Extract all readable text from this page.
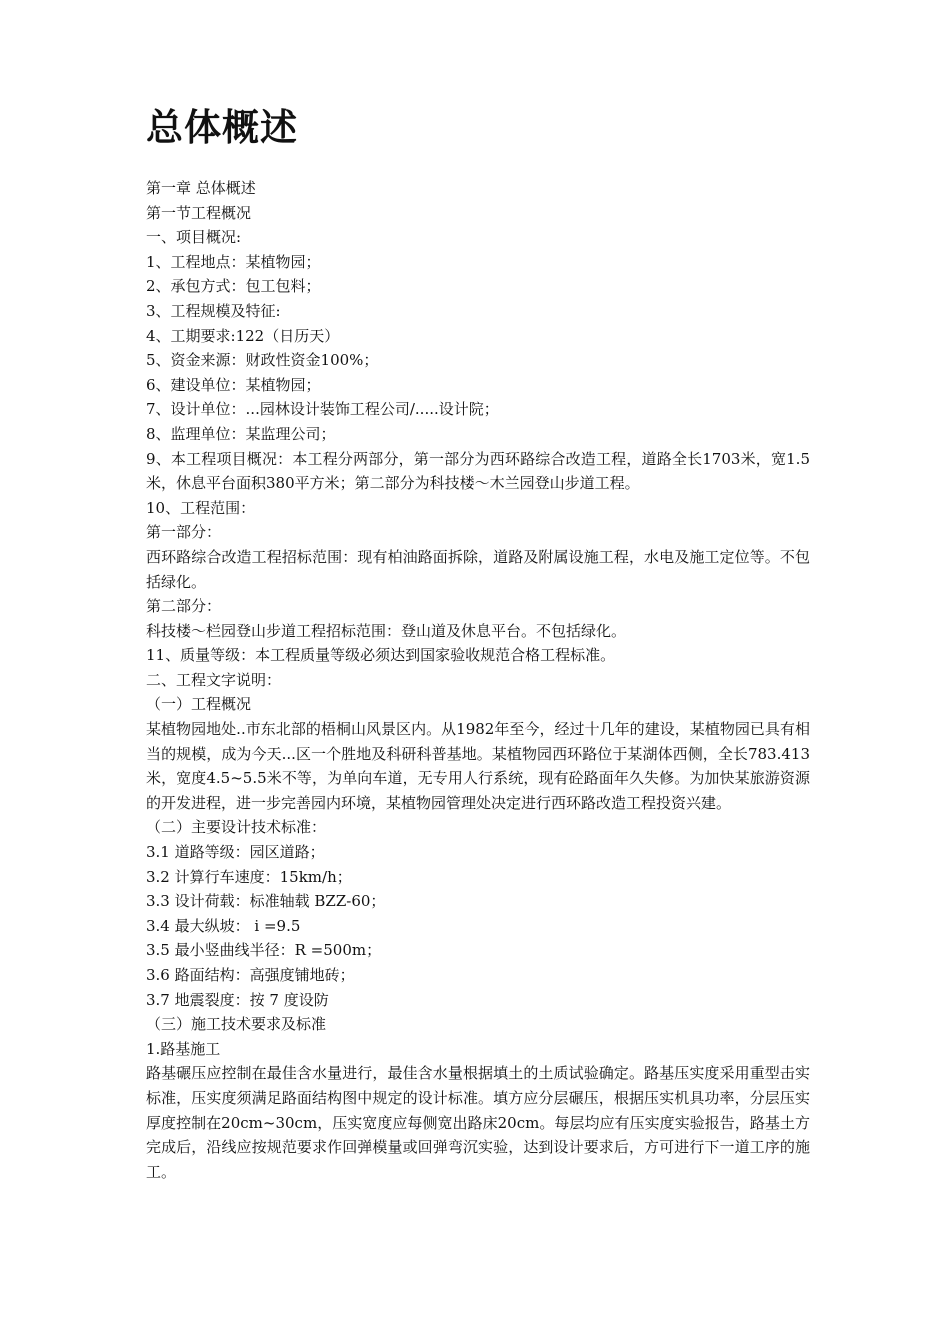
总体概述

第一章 总体概述

第一节工程概况

一、项目概况:

1、工程地点：某植物园；

2、承包方式：包工包料；

3、工程规模及特征:

4、工期要求:122（日历天）

5、资金来源：财政性资金100%；

6、建设单位：某植物园；

7、设计单位：...园林设计装饰工程公司/.....设计院；

8、监理单位：某监理公司；

9、本工程项目概况：本工程分两部分，第一部分为西环路综合改造工程，道路全长1703米，宽1.5米，休息平台面积380平方米；第二部分为科技楼～木兰园登山步道工程。

10、工程范围：

第一部分：

西环路综合改造工程招标范围：现有柏油路面拆除，道路及附属设施工程，水电及施工定位等。不包括绿化。

第二部分：

科技楼～栏园登山步道工程招标范围：登山道及休息平台。不包括绿化。

11、质量等级：本工程质量等级必须达到国家验收规范合格工程标准。

二、工程文字说明：

（一）工程概况

某植物园地处..市东北部的梧桐山风景区内。从1982年至今，经过十几年的建设，某植物园已具有相当的规模，成为今天...区一个胜地及科研科普基地。某植物园西环路位于某湖体西侧，全长783.413米，宽度4.5~5.5米不等，为单向车道，无专用人行系统，现有砼路面年久失修。为加快某旅游资源的开发进程，进一步完善园内环境，某植物园管理处决定进行西环路改造工程投资兴建。

（二）主要设计技术标准：

3.1 道路等级：园区道路；

3.2 计算行车速度：15km/h；

3.3 设计荷载：标准轴载 BZZ-60；

3.4 最大纵坡： i =9.5

3.5 最小竖曲线半径：R =500m；

3.6 路面结构：高强度铺地砖；

3.7 地震裂度：按 7 度设防

（三）施工技术要求及标准

1.路基施工

路基碾压应控制在最佳含水量进行，最佳含水量根据填土的土质试验确定。路基压实度采用重型击实标准，压实度须满足路面结构图中规定的设计标准。填方应分层碾压，根据压实机具功率，分层压实厚度控制在20cm~30cm，压实宽度应每侧宽出路床20cm。每层均应有压实度实验报告，路基土方完成后，沿线应按规范要求作回弹模量或回弹弯沉实验，达到设计要求后，方可进行下一道工序的施工。
